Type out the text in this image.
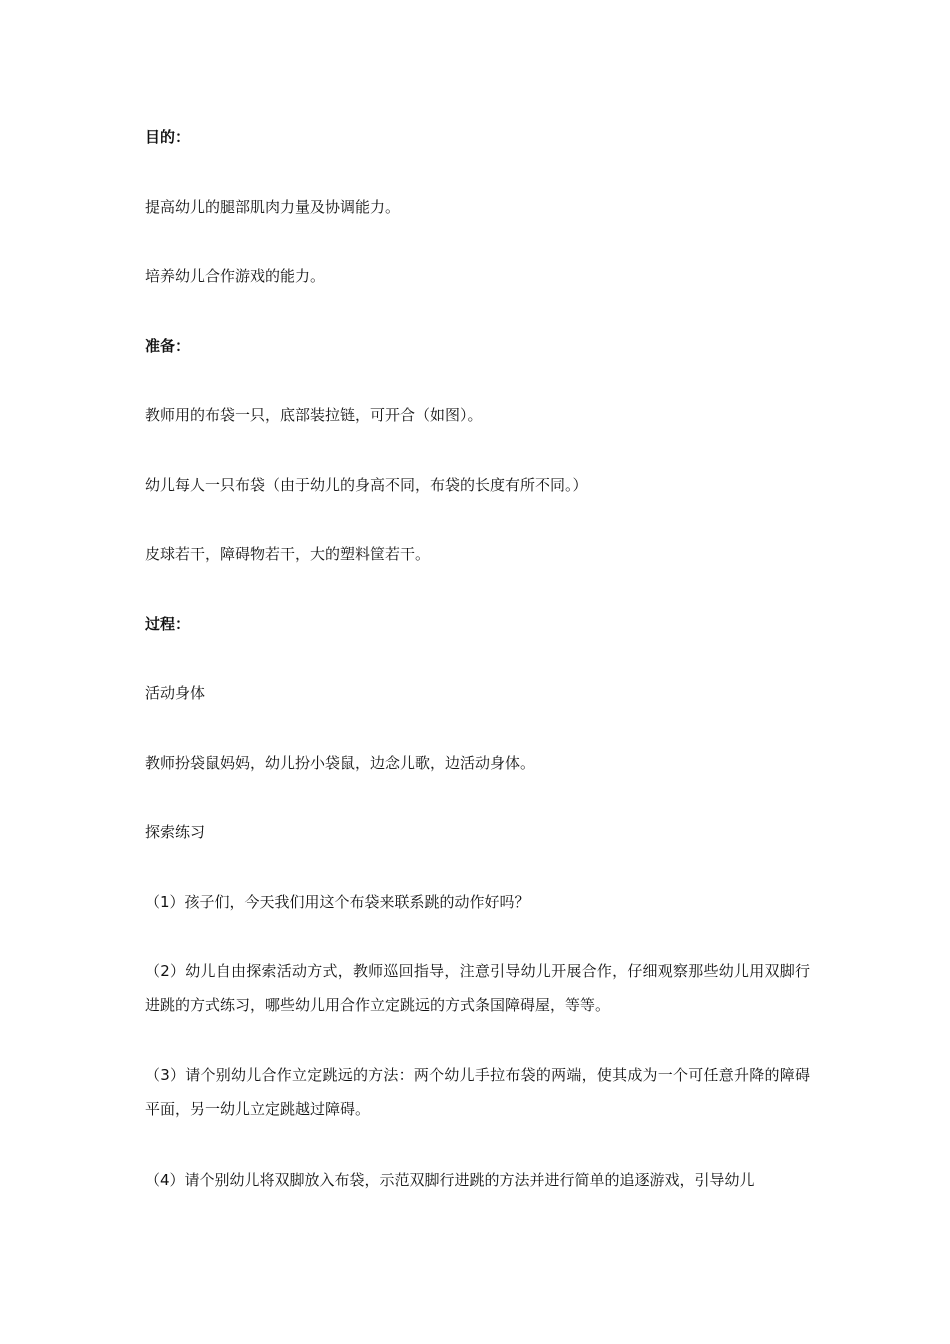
目的：
提高幼儿的腿部肌肉力量及协调能力。
培养幼儿合作游戏的能力。
准备：
教师用的布袋一只，底部装拉链，可开合（如图）。
幼儿每人一只布袋（由于幼儿的身高不同，布袋的长度有所不同。）
皮球若干，障碍物若干，大的塑料筐若干。
过程：
活动身体
教师扮袋鼠妈妈，幼儿扮小袋鼠，边念儿歌，边活动身体。
探索练习
（1）孩子们，今天我们用这个布袋来联系跳的动作好吗？
（2）幼儿自由探索活动方式，教师巡回指导，注意引导幼儿开展合作，仔细观察那些幼儿用双脚行进跳的方式练习，哪些幼儿用合作立定跳远的方式条国障碍屋，等等。
（3）请个别幼儿合作立定跳远的方法：两个幼儿手拉布袋的两端，使其成为一个可任意升降的障碍平面，另一幼儿立定跳越过障碍。
（4）请个别幼儿将双脚放入布袋，示范双脚行进跳的方法并进行简单的追逐游戏，引导幼儿
